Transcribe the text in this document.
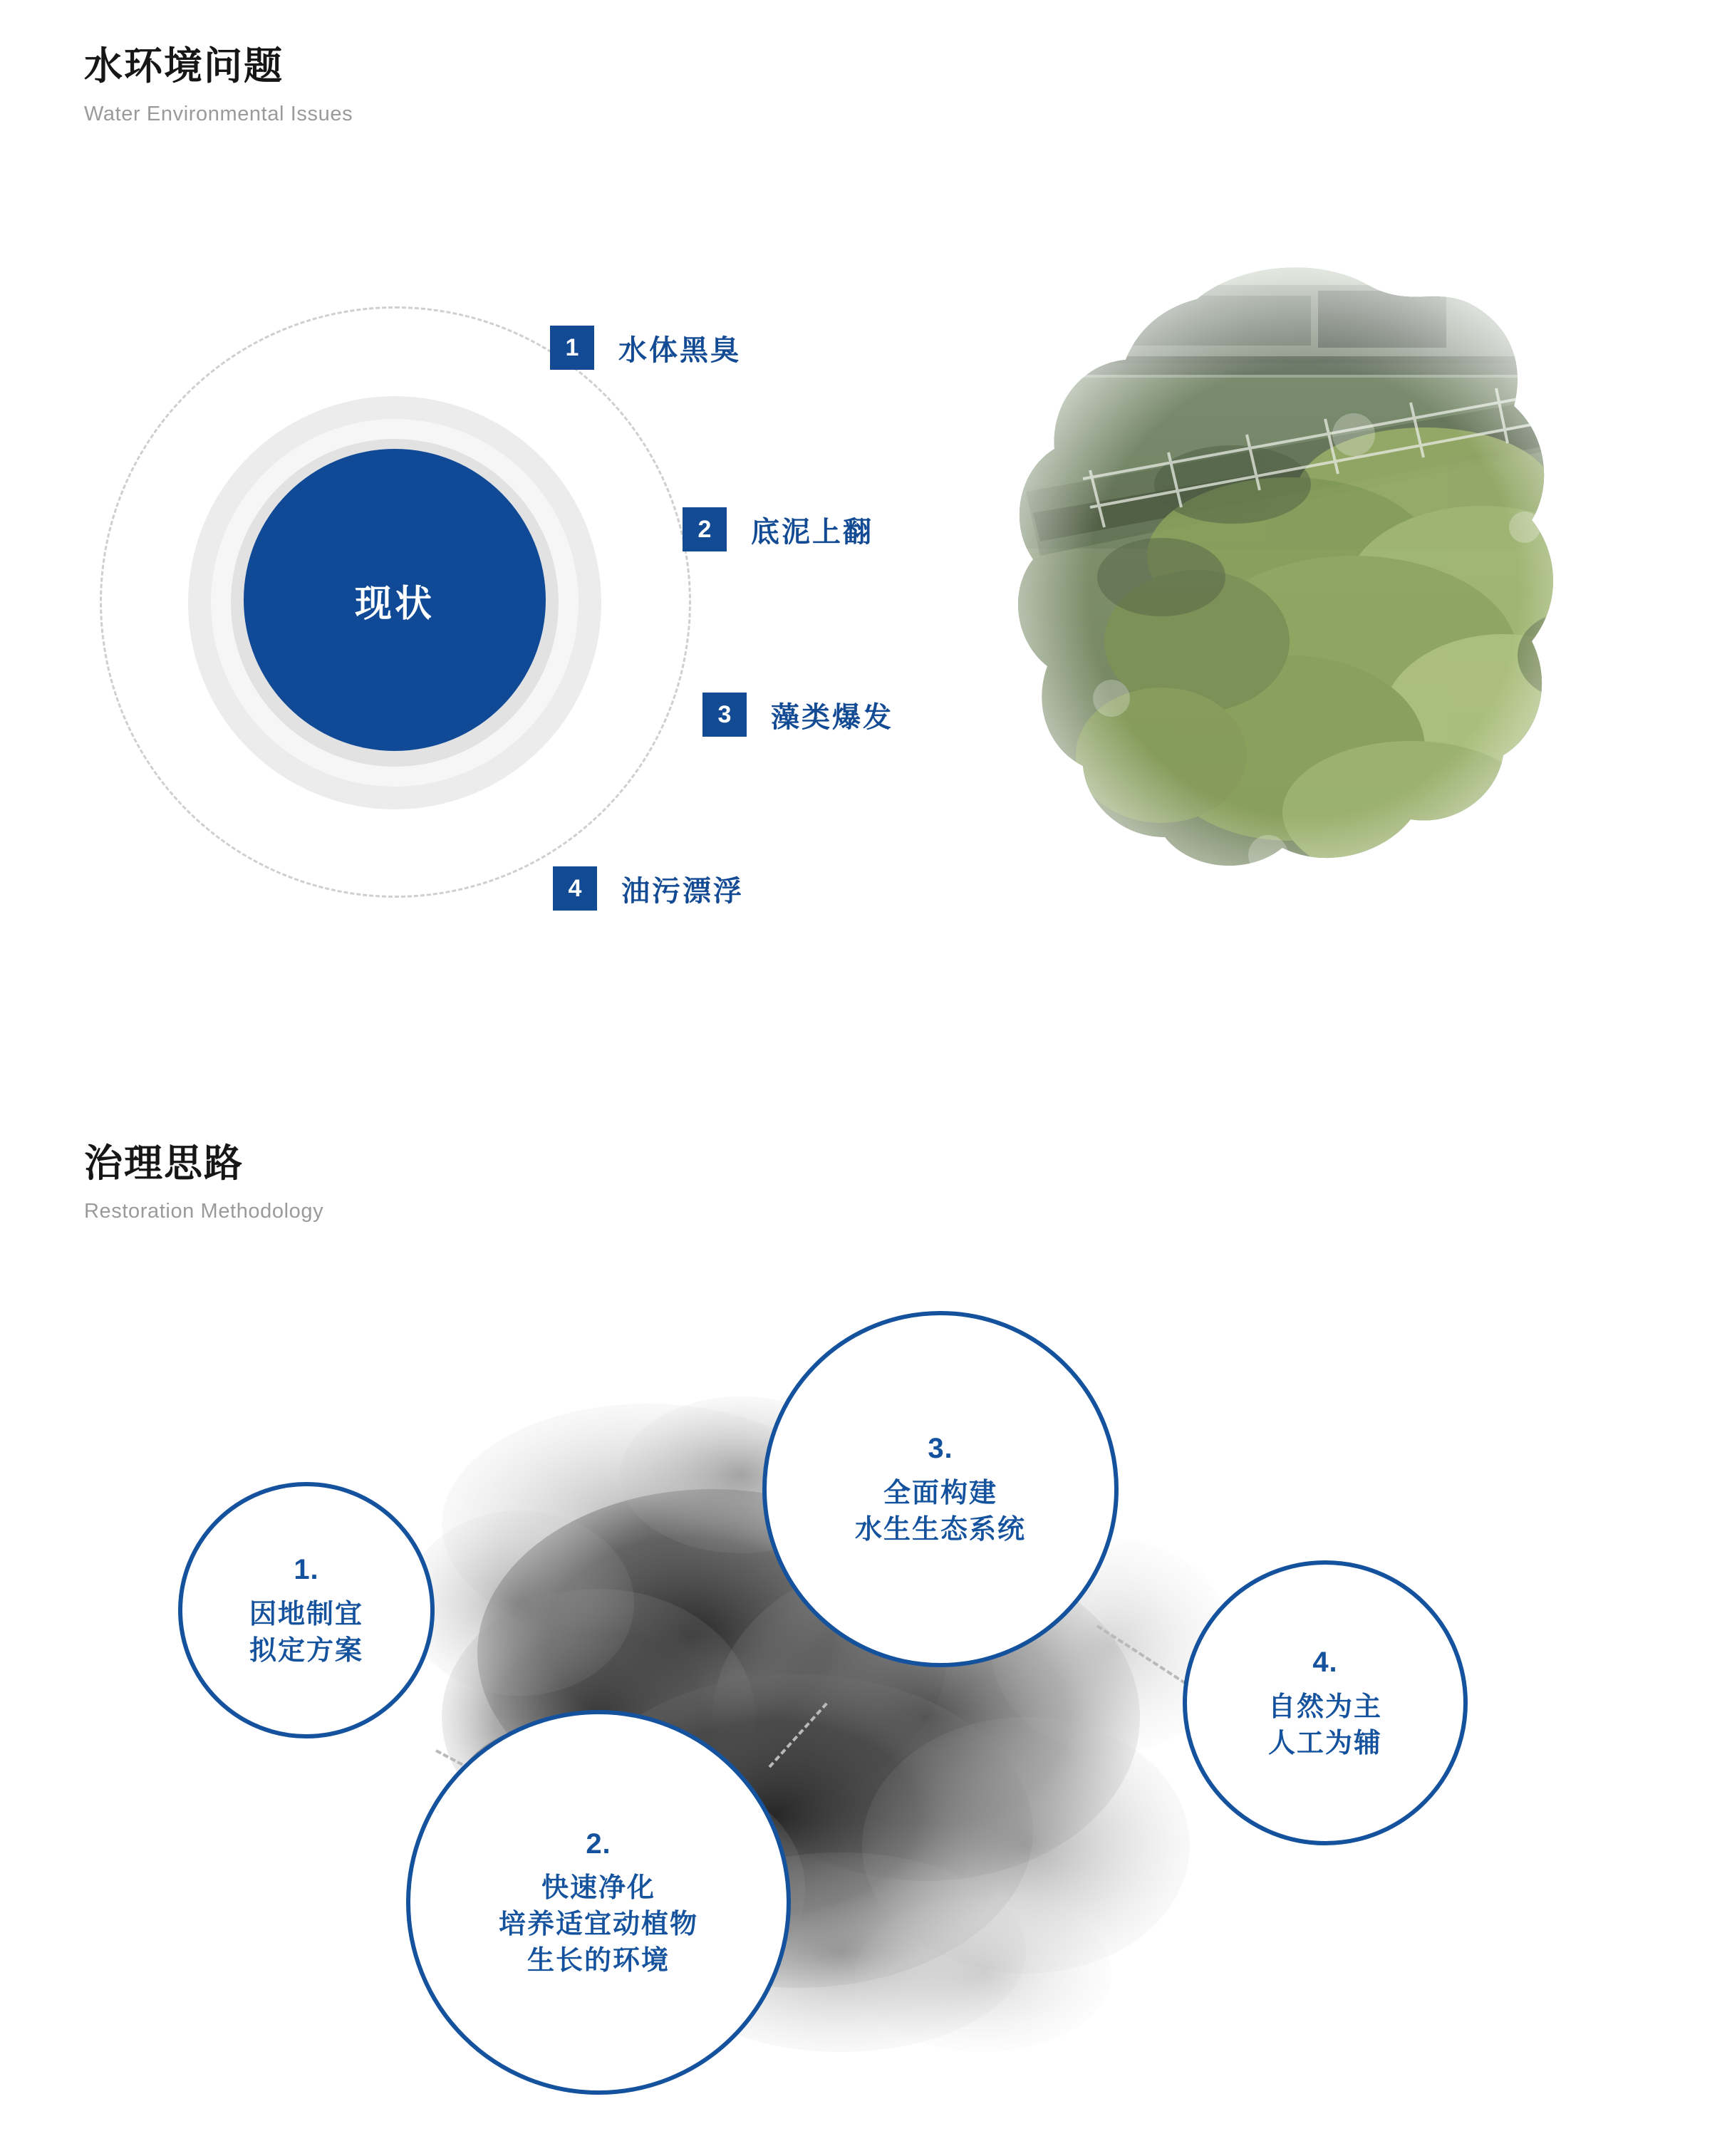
水环境问题
Water Environmental Issues
现状
1	水体黑臭
2	底泥上翻
3	藻类爆发
4	油污漂浮
治理思路
Restoration Methodology
1.
因地制宜
拟定方案
2.
快速净化
培养适宜动植物
生长的环境
3.
全面构建
水生生态系统
4.
自然为主
人工为辅
